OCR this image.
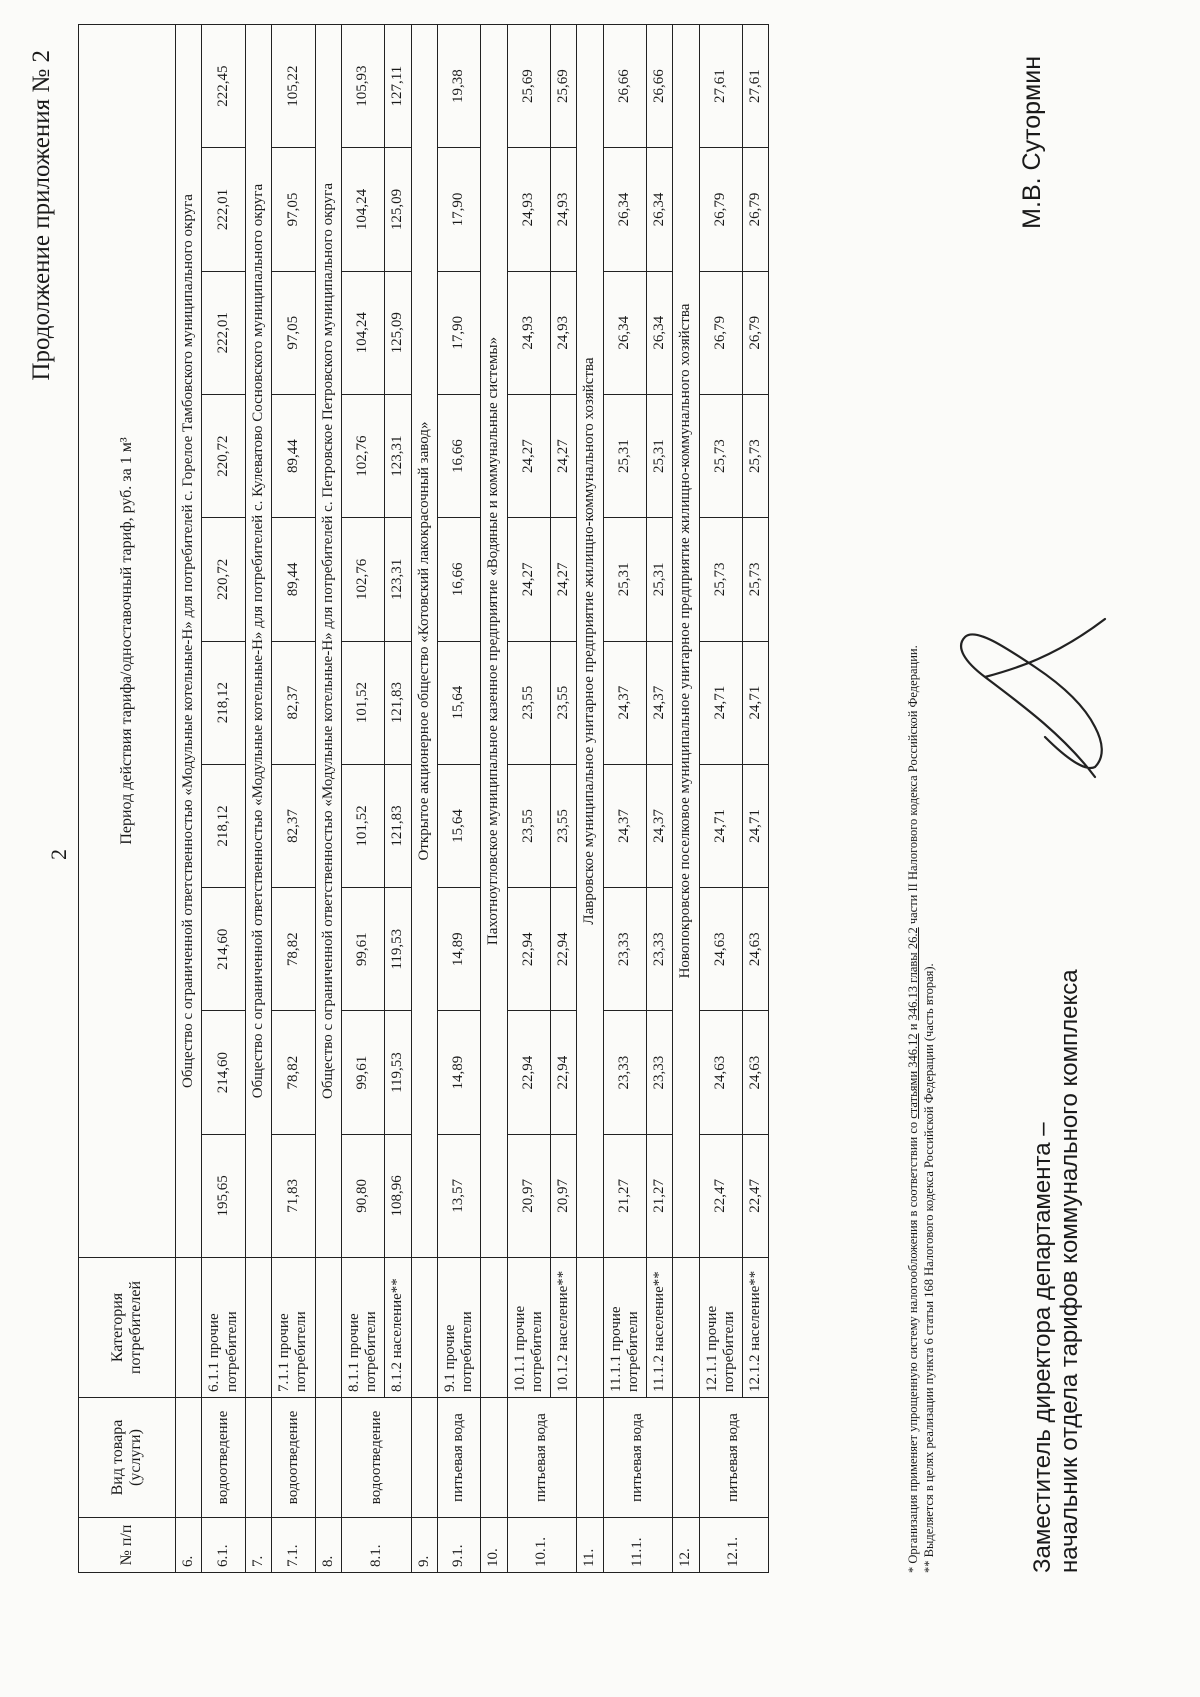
2
Продолжение приложения № 2
№ п/п	Вид товара (услуги)	Категория потребителей	Период действия тарифа/одноставочный тариф, руб. за 1 м³									
6.			Общество с ограниченной ответственностью «Модульные котельные-Н» для потребителей с. Горелое Тамбовского муниципального округа									
6.1.	водоотведение	6.1.1 прочие потребители	195,65	214,60	214,60	218,12	218,12	220,72	220,72	222,01	222,01	222,45
7.			Общество с ограниченной ответственностью «Модульные котельные-Н» для потребителей с. Кулеватово Сосновского муниципального округа									
7.1.	водоотведение	7.1.1 прочие потребители	71,83	78,82	78,82	82,37	82,37	89,44	89,44	97,05	97,05	105,22
8.			Общество с ограниченной ответственностью «Модульные котельные-Н» для потребителей с. Петровское Петровского муниципального округа									
8.1.	водоотведение	8.1.1 прочие потребители	90,80	99,61	99,61	101,52	101,52	102,76	102,76	104,24	104,24	105,93
		8.1.2 население**	108,96	119,53	119,53	121,83	121,83	123,31	123,31	125,09	125,09	127,11
9.			Открытое акционерное общество «Котовский лакокрасочный завод»									
9.1.	питьевая вода	9.1 прочие потребители	13,57	14,89	14,89	15,64	15,64	16,66	16,66	17,90	17,90	19,38
10.			Пахотноугловское муниципальное казенное предприятие «Водяные и коммунальные системы»									
10.1.	питьевая вода	10.1.1 прочие потребители	20,97	22,94	22,94	23,55	23,55	24,27	24,27	24,93	24,93	25,69
		10.1.2 население**	20,97	22,94	22,94	23,55	23,55	24,27	24,27	24,93	24,93	25,69
11.			Лавровское муниципальное унитарное предприятие жилищно-коммунального хозяйства									
11.1.	питьевая вода	11.1.1 прочие потребители	21,27	23,33	23,33	24,37	24,37	25,31	25,31	26,34	26,34	26,66
		11.1.2 население**	21,27	23,33	23,33	24,37	24,37	25,31	25,31	26,34	26,34	26,66
12.			Новопокровское поселковое муниципальное унитарное предприятие жилищно-коммунального хозяйства									
12.1.	питьевая вода	12.1.1 прочие потребители	22,47	24,63	24,63	24,71	24,71	25,73	25,73	26,79	26,79	27,61
		12.1.2 население**	22,47	24,63	24,63	24,71	24,71	25,73	25,73	26,79	26,79	27,61
* Организация применяет упрощенную систему налогообложения в соответствии со статьями 346.12 и 346.13 главы 26.2 части II Налогового кодекса Российской Федерации.
** Выделяется в целях реализации пункта 6 статьи 168 Налогового кодекса Российской Федерации (часть вторая).	Заместитель директора департамента – начальник отдела тарифов коммунального комплекса
М.В. Сутормин
